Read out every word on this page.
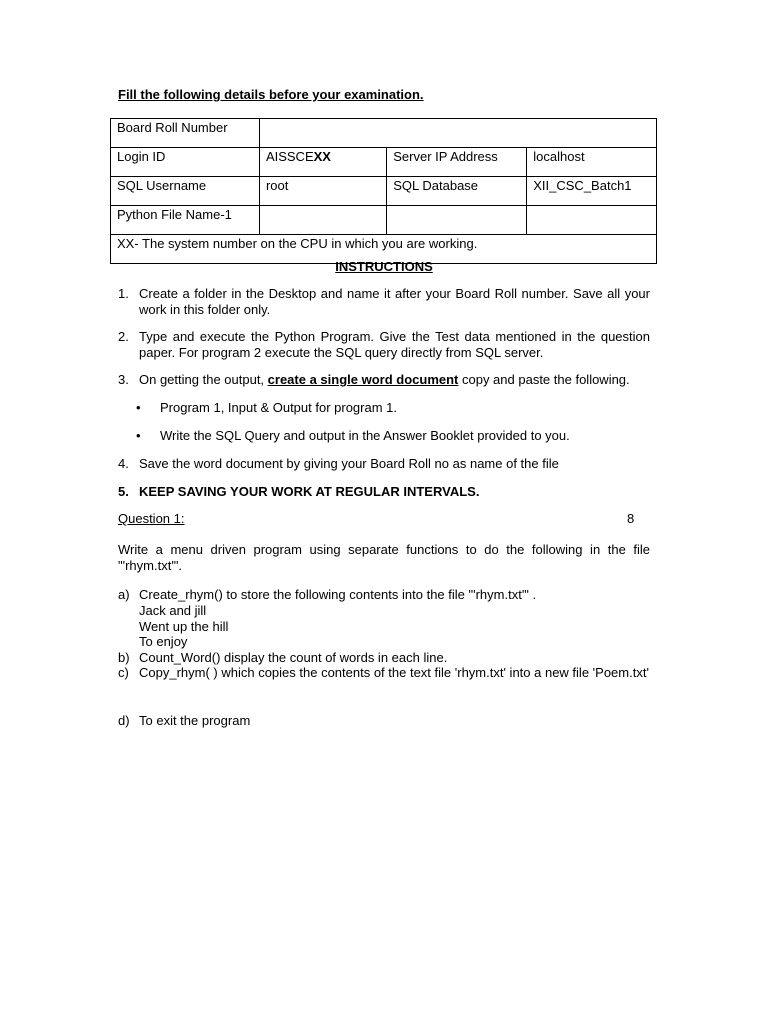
Fill the following details before your examination.
Board Roll Number			
Login ID	AISSCEXX	Server IP Address	localhost
SQL Username	root	SQL Database	XII_CSC_Batch1
Python File Name-1			
XX- The system number on the CPU in which you are working.			
INSTRUCTIONS
1. Create a folder in the Desktop and name it after your Board Roll number. Save all your work in this folder only.
2. Type and execute the Python Program. Give the Test data mentioned in the question paper. For program 2 execute the SQL query directly from SQL server.
3. On getting the output, create a single word document copy and paste the following.
• Program 1, Input & Output for program 1.
• Write the SQL Query and output in the Answer Booklet provided to you.
4. Save the word document by giving your Board Roll no as name of the file
5. KEEP SAVING YOUR WORK AT REGULAR INTERVALS.
Question 1:	8
Write a menu driven program using separate functions to do the following in the file "'rhym.txt'".
a) Create_rhym() to store the following contents into the file "'rhym.txt'" .
Jack and jill
Went up the hill
To enjoy
b) Count_Word() display the count of words in each line.
c) Copy_rhym( ) which copies the contents of the text file 'rhym.txt' into a new file 'Poem.txt'
d) To exit the program
